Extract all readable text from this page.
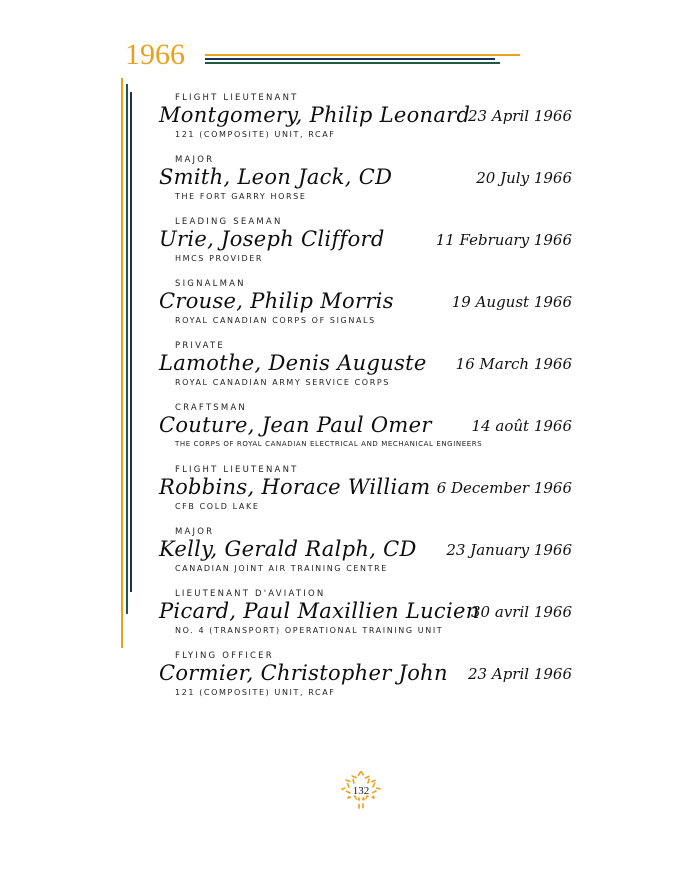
1966
FLIGHT LIEUTENANT
Montgomery, Philip Leonard
121 (COMPOSITE) UNIT, RCAF
23 April 1966
MAJOR
Smith, Leon Jack, CD
THE FORT GARRY HORSE
20 July 1966
LEADING SEAMAN
Urie, Joseph Clifford
HMCS PROVIDER
11 February 1966
SIGNALMAN
Crouse, Philip Morris
ROYAL CANADIAN CORPS OF SIGNALS
19 August 1966
PRIVATE
Lamothe, Denis Auguste
ROYAL CANADIAN ARMY SERVICE CORPS
16 March 1966
CRAFTSMAN
Couture, Jean Paul Omer
THE CORPS OF ROYAL CANADIAN ELECTRICAL AND MECHANICAL ENGINEERS
14 août 1966
FLIGHT LIEUTENANT
Robbins, Horace William
CFB COLD LAKE
6 December 1966
MAJOR
Kelly, Gerald Ralph, CD
CANADIAN JOINT AIR TRAINING CENTRE
23 January 1966
LIEUTENANT D'AVIATION
Picard, Paul Maxillien Lucien
NO. 4 (TRANSPORT) OPERATIONAL TRAINING UNIT
30 avril 1966
FLYING OFFICER
Cormier, Christopher John
121 (COMPOSITE) UNIT, RCAF
23 April 1966
132
